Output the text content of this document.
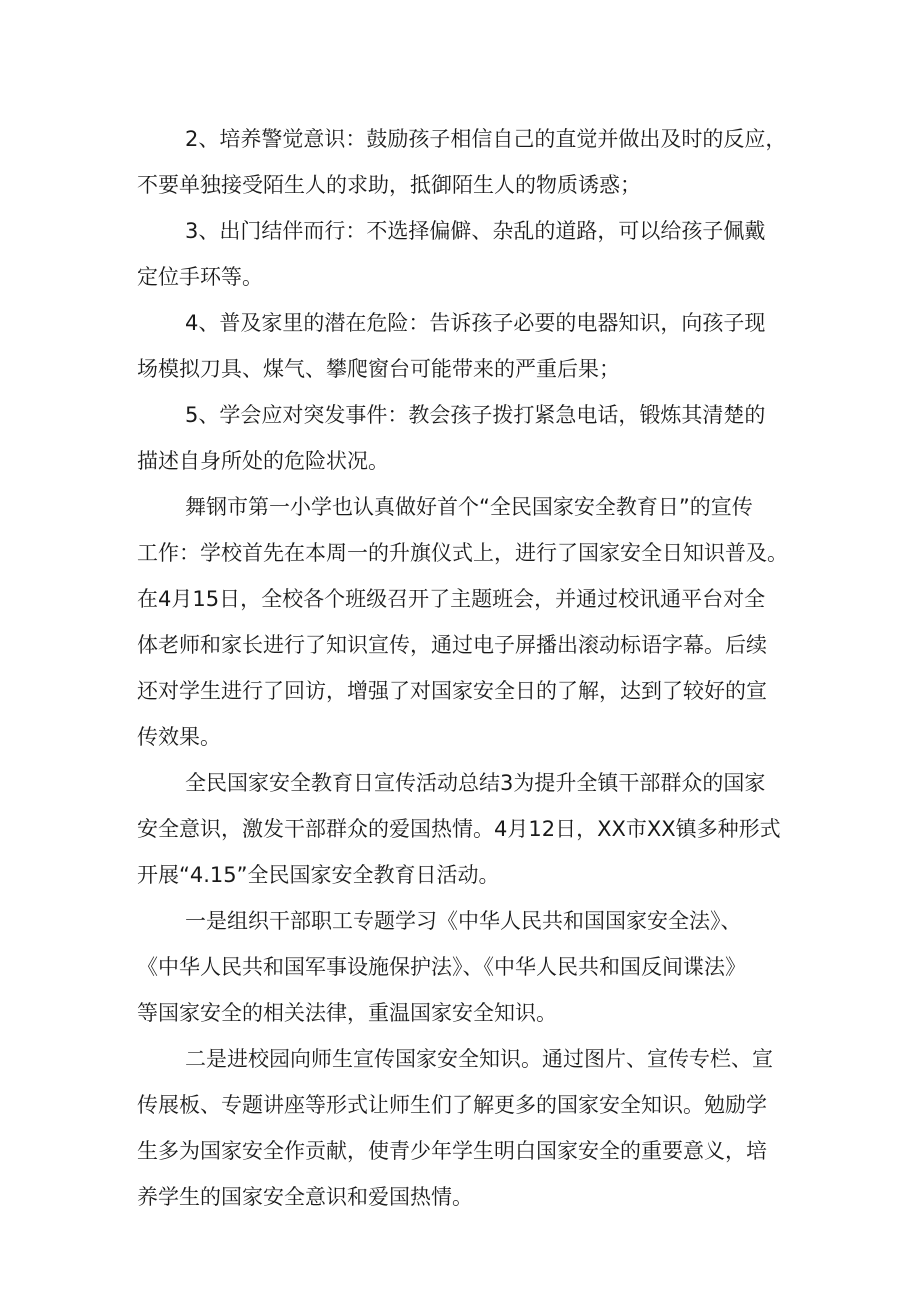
2、培养警觉意识：鼓励孩子相信自己的直觉并做出及时的反应，
不要单独接受陌生人的求助，抵御陌生人的物质诱惑；
3、出门结伴而行：不选择偏僻、杂乱的道路，可以给孩子佩戴
定位手环等。
4、普及家里的潜在危险：告诉孩子必要的电器知识，向孩子现
场模拟刀具、煤气、攀爬窗台可能带来的严重后果；
5、学会应对突发事件：教会孩子拨打紧急电话，锻炼其清楚的
描述自身所处的危险状况。
舞钢市第一小学也认真做好首个“全民国家安全教育日”的宣传
工作：学校首先在本周一的升旗仪式上，进行了国家安全日知识普及。
在4月15日，全校各个班级召开了主题班会，并通过校讯通平台对全
体老师和家长进行了知识宣传，通过电子屏播出滚动标语字幕。后续
还对学生进行了回访，增强了对国家安全日的了解，达到了较好的宣
传效果。
全民国家安全教育日宣传活动总结3为提升全镇干部群众的国家
安全意识，激发干部群众的爱国热情。4月12日，XX市XX镇多种形式
开展“4.15”全民国家安全教育日活动。
一是组织干部职工专题学习《中华人民共和国国家安全法》、
《中华人民共和国军事设施保护法》、《中华人民共和国反间谍法》
等国家安全的相关法律，重温国家安全知识。
二是进校园向师生宣传国家安全知识。通过图片、宣传专栏、宣
传展板、专题讲座等形式让师生们了解更多的国家安全知识。勉励学
生多为国家安全作贡献，使青少年学生明白国家安全的重要意义，培
养学生的国家安全意识和爱国热情。
